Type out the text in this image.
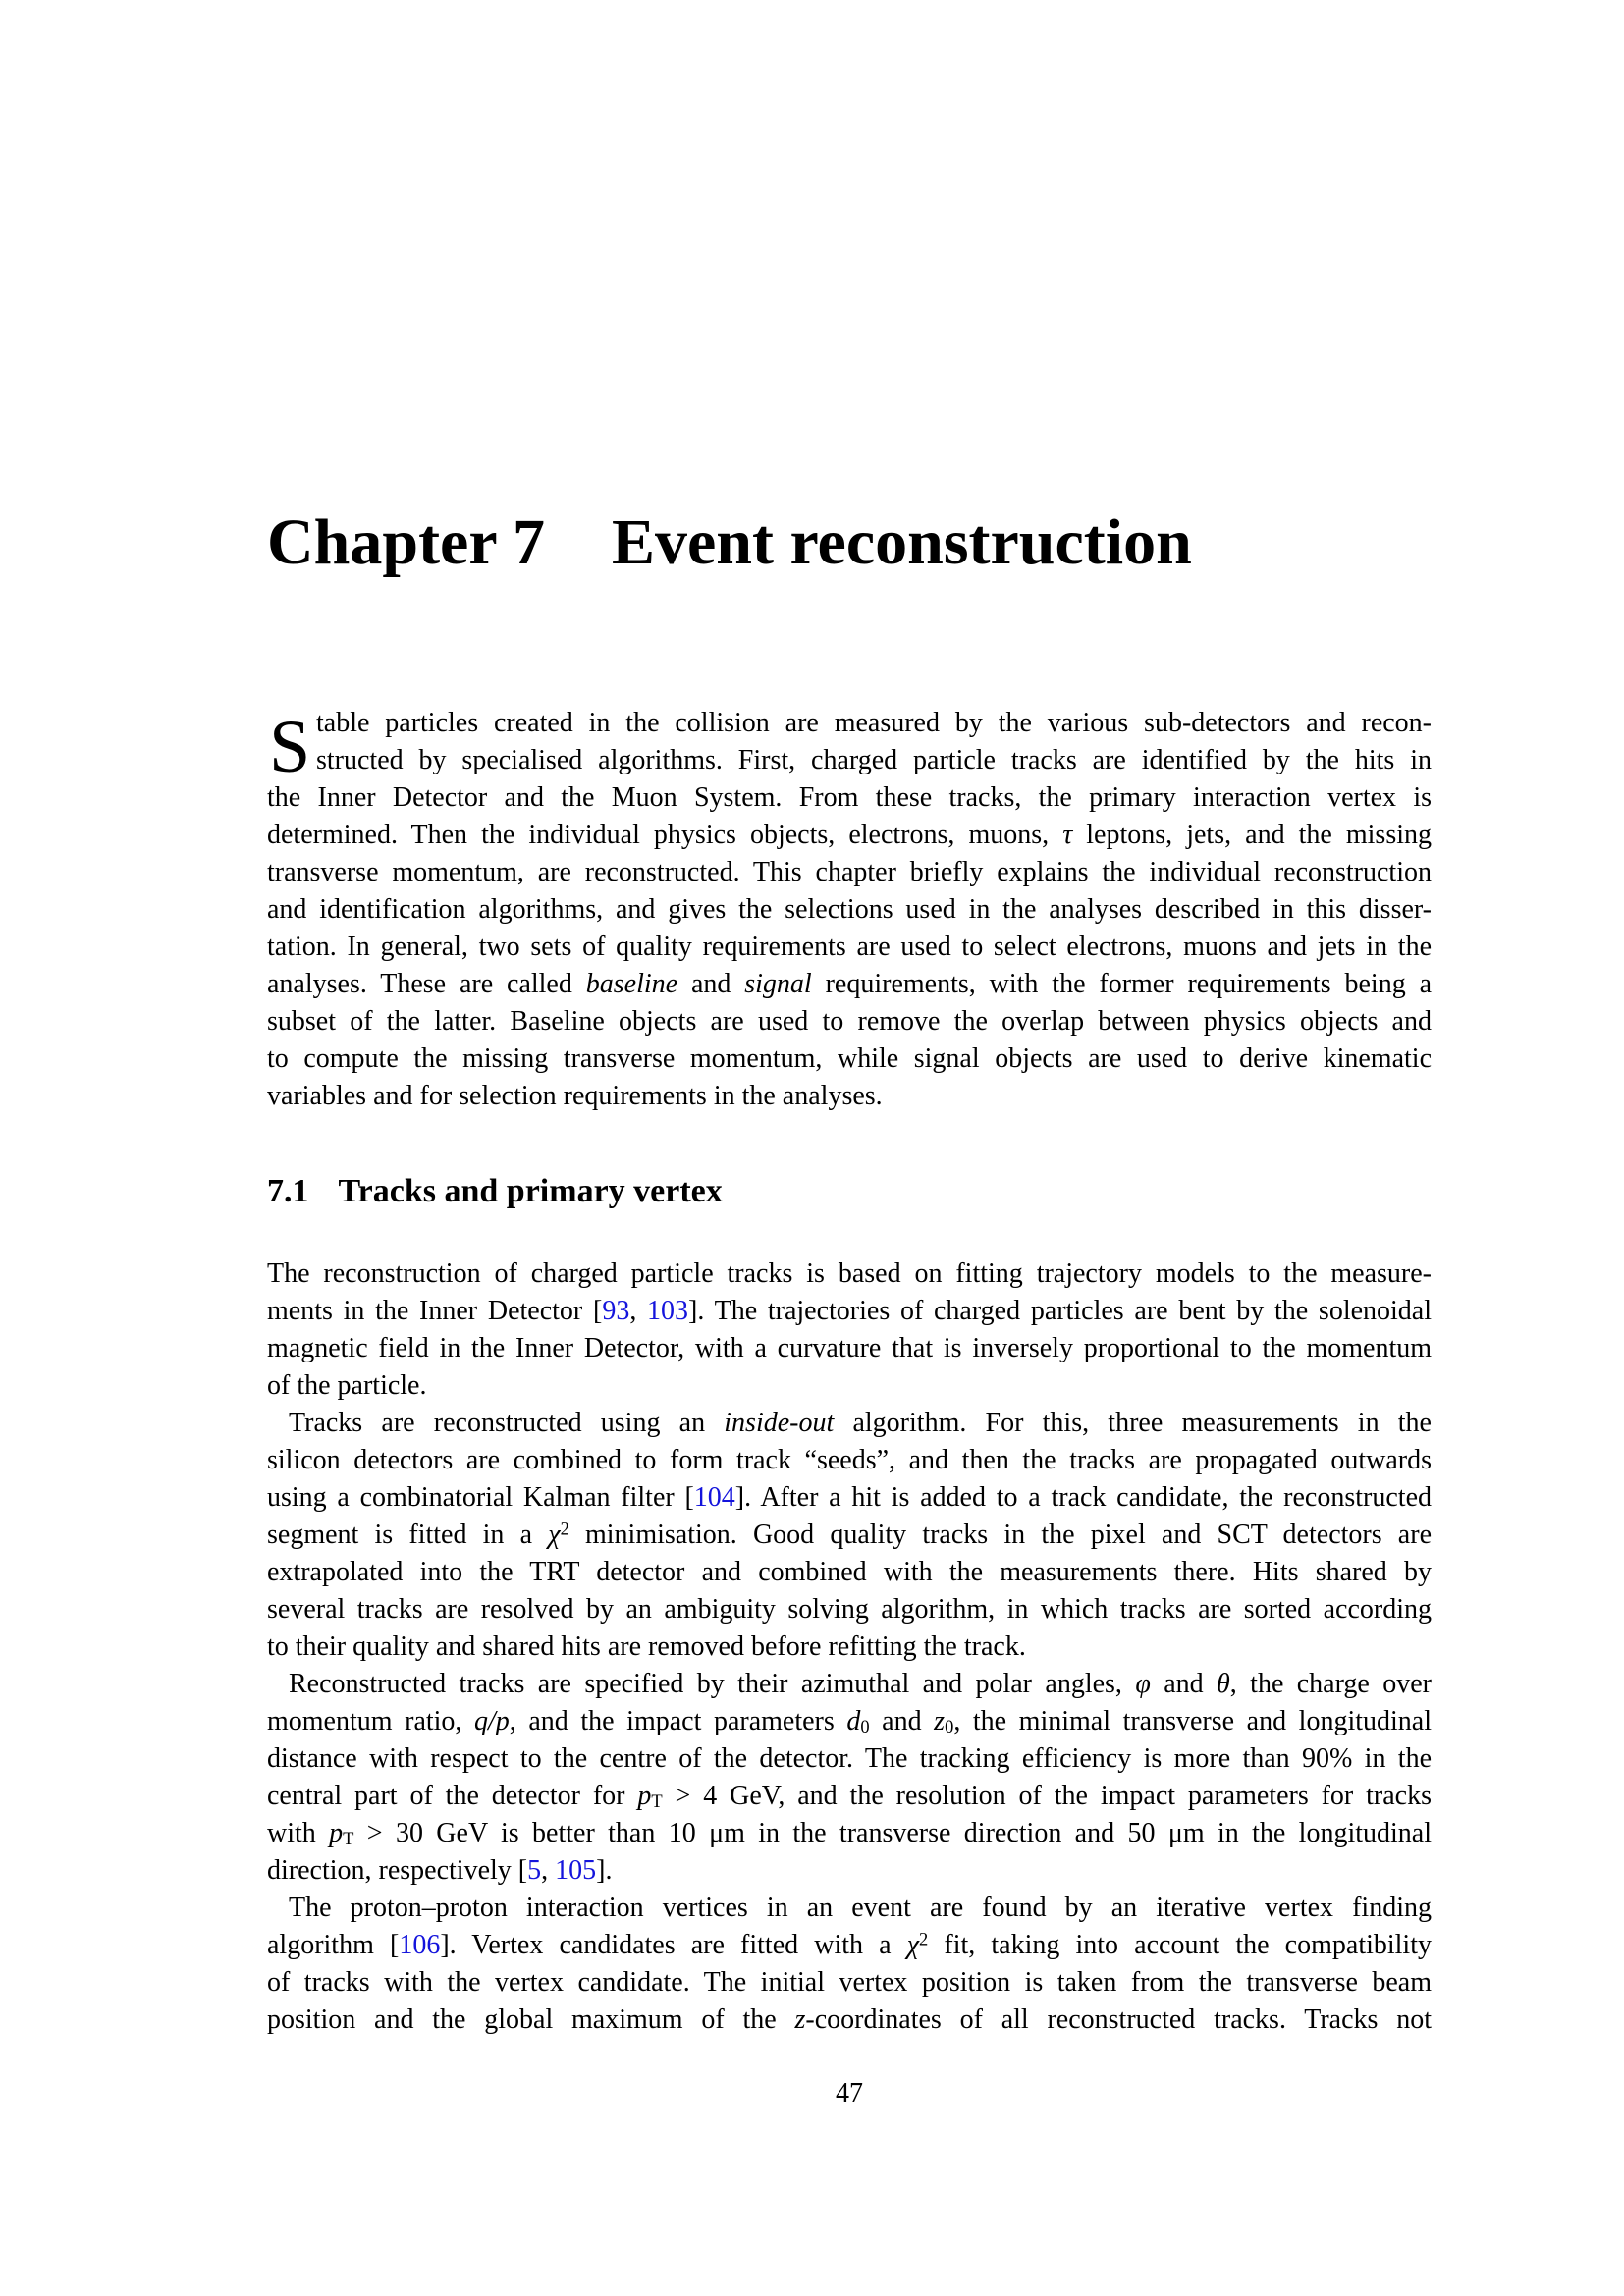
Chapter 7 Event reconstruction
S table particles created in the collision are measured by the various sub-detectors and recon-
structed by specialised algorithms. First, charged particle tracks are identified by the hits in
the Inner Detector and the Muon System. From these tracks, the primary interaction vertex is
determined. Then the individual physics objects, electrons, muons, τ leptons, jets, and the missing
transverse momentum, are reconstructed. This chapter briefly explains the individual reconstruction
and identification algorithms, and gives the selections used in the analyses described in this disser-
tation. In general, two sets of quality requirements are used to select electrons, muons and jets in the
analyses. These are called baseline and signal requirements, with the former requirements being a
subset of the latter. Baseline objects are used to remove the overlap between physics objects and
to compute the missing transverse momentum, while signal objects are used to derive kinematic
variables and for selection requirements in the analyses.
7.1 Tracks and primary vertex
The reconstruction of charged particle tracks is based on fitting trajectory models to the measure-
ments in the Inner Detector [93, 103]. The trajectories of charged particles are bent by the solenoidal
magnetic field in the Inner Detector, with a curvature that is inversely proportional to the momentum
of the particle.
Tracks are reconstructed using an inside-out algorithm. For this, three measurements in the
silicon detectors are combined to form track “seeds”, and then the tracks are propagated outwards
using a combinatorial Kalman filter [104]. After a hit is added to a track candidate, the reconstructed
segment is fitted in a $\chi^2$ minimisation. Good quality tracks in the pixel and SCT detectors are
extrapolated into the TRT detector and combined with the measurements there. Hits shared by
several tracks are resolved by an ambiguity solving algorithm, in which tracks are sorted according
to their quality and shared hits are removed before refitting the track.
Reconstructed tracks are specified by their azimuthal and polar angles, φ and θ, the charge over
momentum ratio, q/p, and the impact parameters d0 and z0, the minimal transverse and longitudinal
distance with respect to the centre of the detector. The tracking efficiency is more than 90% in the
central part of the detector for pT > 4 GeV, and the resolution of the impact parameters for tracks
with pT > 30 GeV is better than 10 μm in the transverse direction and 50 μm in the longitudinal
direction, respectively [5, 105].
The proton–proton interaction vertices in an event are found by an iterative vertex finding
algorithm [106]. Vertex candidates are fitted with a $\chi^2$ fit, taking into account the compatibility
of tracks with the vertex candidate. The initial vertex position is taken from the transverse beam
position and the global maximum of the z-coordinates of all reconstructed tracks. Tracks not
47
